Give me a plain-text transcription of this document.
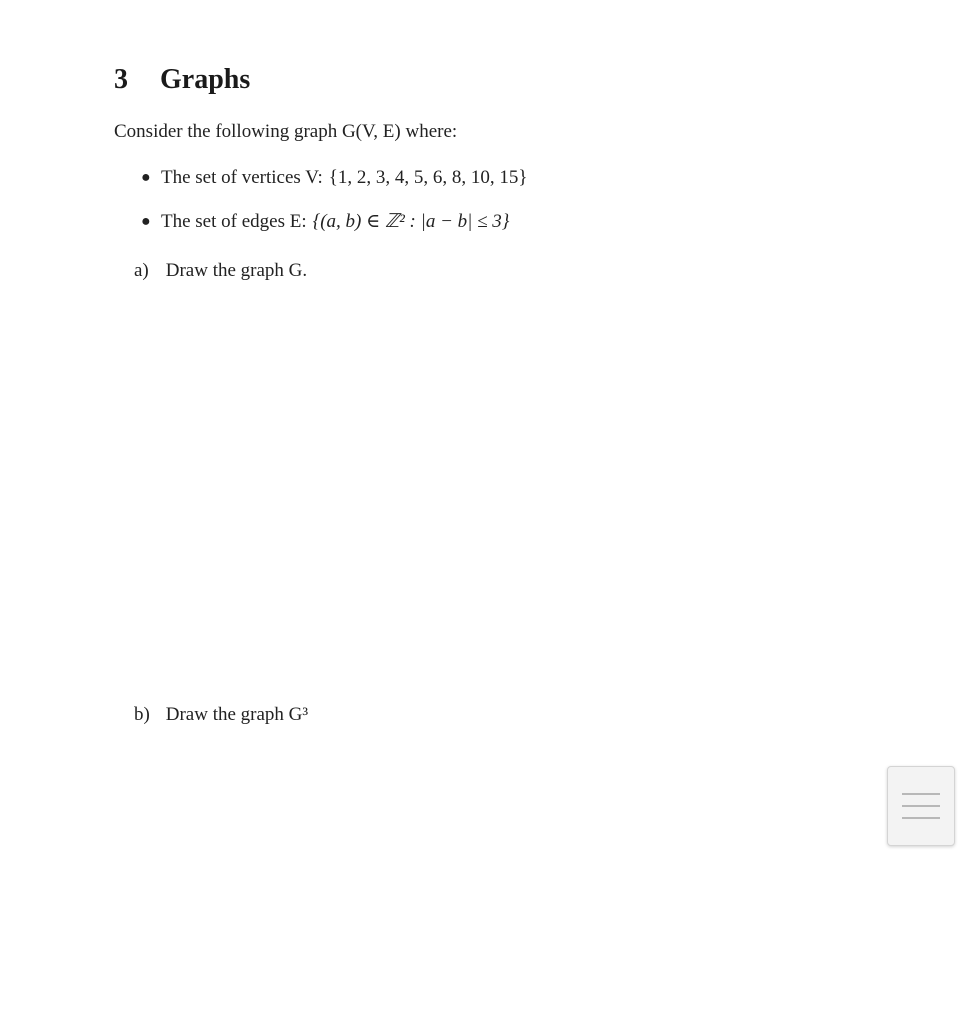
3 Graphs

Consider the following graph G(V, E) where:

● The set of vertices V: {1, 2, 3, 4, 5, 6, 8, 10, 15}
● The set of edges E: {(a, b) ∈ ℤ² : |a − b| ≤ 3}

a) Draw the graph G.

b) Draw the graph G³
